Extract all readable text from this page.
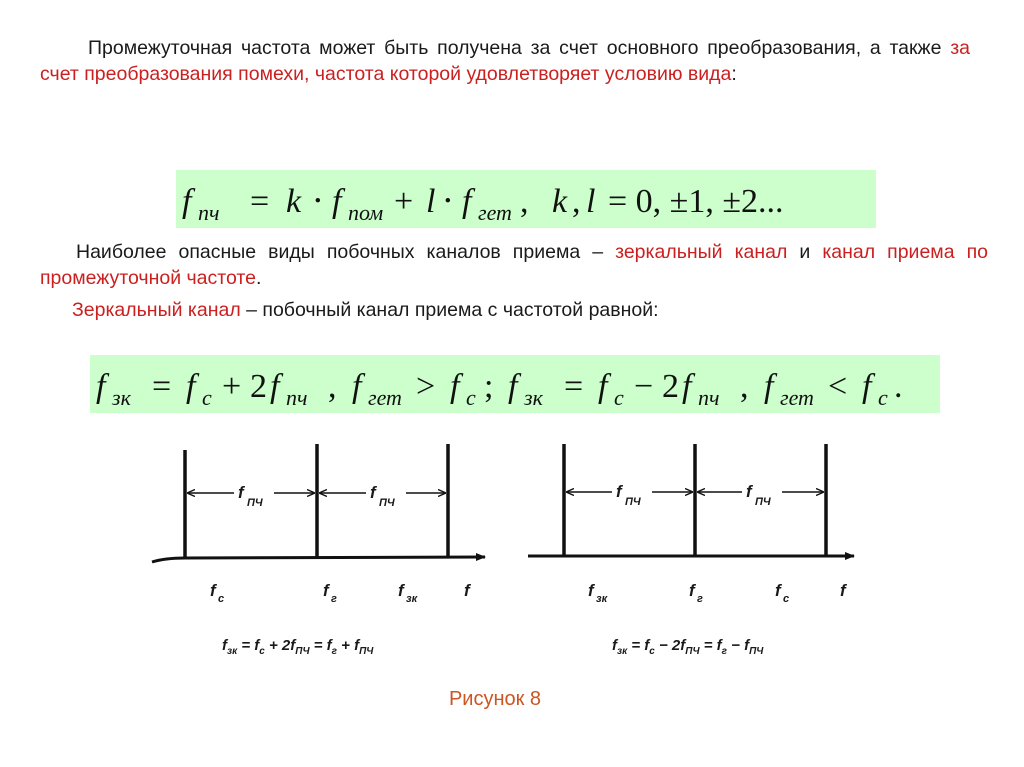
Промежуточная частота может быть получена за счет основного преобразования, а также за счет преобразования помехи, частота которой удовлетворяет условию вида:
f пч = k ⋅ f пом + l ⋅ f гет , k , l = 0, ±1, ±2...
Наиболее опасные виды побочных каналов приема – зеркальный канал и канал приема по промежуточной частоте.
Зеркальный канал – побочный канал приема с частотой равной:
f зк = f с + 2 f пч , f гет > f с ; f зк = f с − 2 f пч , f гет < f с .
f
ПЧ
f
ПЧ
f с	f г	f зк	f
$f_{зк} = f_с + 2f_{ПЧ} = f_г + f_{ПЧ}$
f
ПЧ
f
ПЧ
f зк	f г	f с	f
$f_{зк} = f_с - 2f_{ПЧ} = f_г - f_{ПЧ}$
Рисунок 8
